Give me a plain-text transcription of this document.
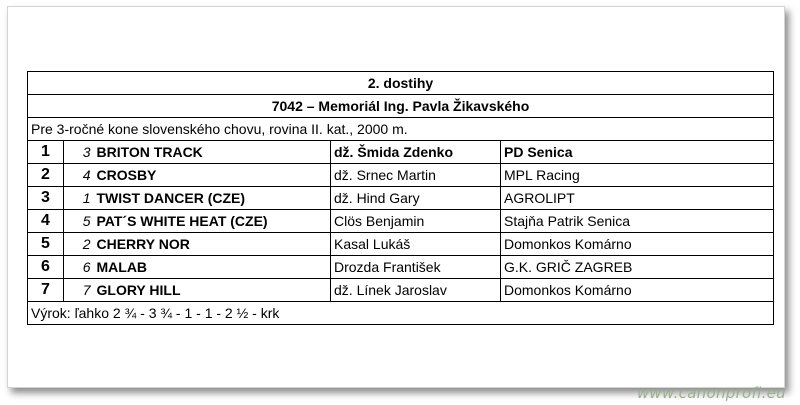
2. dostihy				
7042 – Memoriál Ing. Pavla Žikavského				
Pre 3-ročné kone slovenského chovu, rovina II. kat., 2000 m.				
1	3	BRITON TRACK	dž. Šmida Zdenko	PD Senica
2	4	CROSBY	dž. Srnec Martin	MPL Racing
3	1	TWIST DANCER (CZE)	dž. Hind Gary	AGROLIPT
4	5	PAT´S WHITE HEAT (CZE)	Clös Benjamin	Stajňa Patrik Senica
5	2	CHERRY NOR	Kasal Lukáš	Domonkos Komárno
6	6	MALAB	Drozda František	G.K. GRIČ ZAGREB
7	7	GLORY HILL	dž. Línek Jaroslav	Domonkos Komárno
Výrok: ľahko 2 ¾ - 3 ¾ - 1 - 1 - 2 ½ - krk				
www.canonprofi.eu
